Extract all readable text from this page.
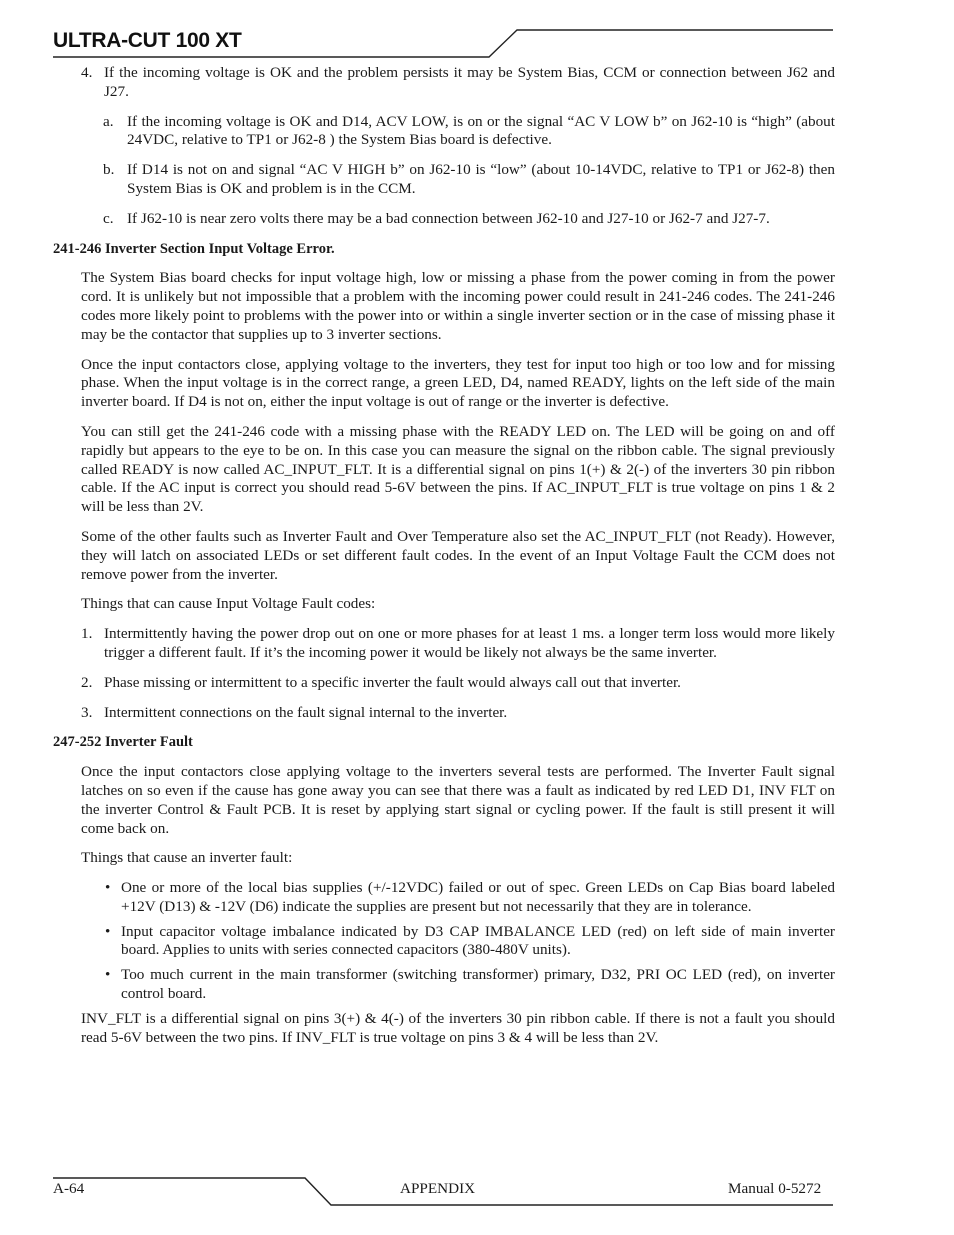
ULTRA-CUT 100 XT
4. If the incoming voltage is OK and the problem persists it may be System Bias, CCM or connection between J62 and J27.
a. If the incoming voltage is OK and D14, ACV LOW, is on or the signal “AC V LOW b” on J62-10 is “high” (about 24VDC, relative to TP1 or J62-8 ) the System Bias board is defective.
b. If D14 is not on and signal “AC V HIGH b” on J62-10 is “low” (about 10-14VDC, relative to TP1 or J62-8) then System Bias is OK and problem is in the CCM.
c. If J62-10 is near zero volts there may be a bad connection between J62-10 and J27-10 or J62-7 and J27-7.

241-246 Inverter Section Input Voltage Error.

The System Bias board checks for input voltage high, low or missing a phase from the power coming in from the power cord. It is unlikely but not impossible that a problem with the incoming power could result in 241-246 codes. The 241-246 codes more likely point to problems with the power into or within a single inverter section or in the case of missing phase it may be the contactor that supplies up to 3 inverter sections.

Once the input contactors close, applying voltage to the inverters, they test for input too high or too low and for missing phase. When the input voltage is in the correct range, a green LED, D4, named READY, lights on the left side of the main inverter board. If D4 is not on, either the input voltage is out of range or the inverter is defective.

You can still get the 241-246 code with a missing phase with the READY LED on. The LED will be going on and off rapidly but appears to the eye to be on. In this case you can measure the signal on the ribbon cable. The signal previously called READY is now called AC_INPUT_FLT. It is a differential signal on pins 1(+) & 2(-) of the inverters 30 pin ribbon cable. If the AC input is correct you should read 5-6V between the pins. If AC_INPUT_FLT is true voltage on pins 1 & 2 will be less than 2V.

Some of the other faults such as Inverter Fault and Over Temperature also set the AC_INPUT_FLT (not Ready). However, they will latch on associated LEDs or set different fault codes. In the event of an Input Voltage Fault the CCM does not remove power from the inverter.

Things that can cause Input Voltage Fault codes:

1. Intermittently having the power drop out on one or more phases for at least 1 ms. a longer term loss would more likely trigger a different fault. If it’s the incoming power it would be likely not always be the same inverter.
2. Phase missing or intermittent to a specific inverter the fault would always call out that inverter.
3. Intermittent connections on the fault signal internal to the inverter.

247-252 Inverter Fault

Once the input contactors close applying voltage to the inverters several tests are performed. The Inverter Fault signal latches on so even if the cause has gone away you can see that there was a fault as indicated by red LED D1, INV FLT on the inverter Control & Fault PCB. It is reset by applying start signal or cycling power. If the fault is still present it will come back on.

Things that cause an inverter fault:

• One or more of the local bias supplies (+/-12VDC) failed or out of spec. Green LEDs on Cap Bias board labeled +12V (D13) & -12V (D6) indicate the supplies are present but not necessarily that they are in tolerance.
• Input capacitor voltage imbalance indicated by D3 CAP IMBALANCE LED (red) on left side of main inverter board. Applies to units with series connected capacitors (380-480V units).
• Too much current in the main transformer (switching transformer) primary, D32, PRI OC LED (red), on inverter control board.

INV_FLT is a differential signal on pins 3(+) & 4(-) of the inverters 30 pin ribbon cable. If there is not a fault you should read 5-6V between the two pins. If INV_FLT is true voltage on pins 3 & 4 will be less than 2V.

A-64	APPENDIX	Manual 0-5272
